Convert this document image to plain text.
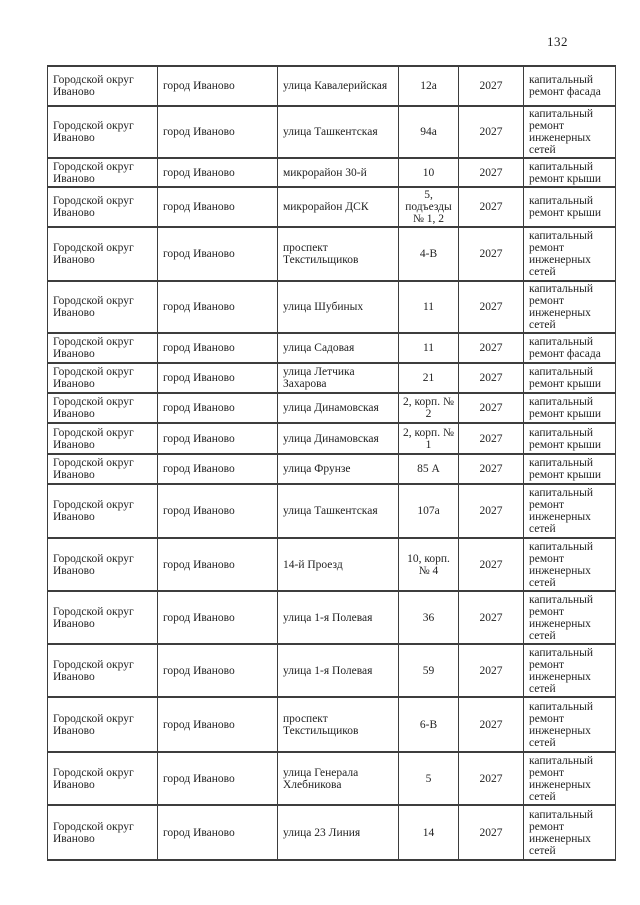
132
Городской округ Иваново	город Иваново	улица Кавалерийская	12а	2027	капитальный ремонт фасада
Городской округ Иваново	город Иваново	улица Ташкентская	94а	2027	капитальный ремонт инженерных сетей
Городской округ Иваново	город Иваново	микрорайон 30-й	10	2027	капитальный ремонт крыши
Городской округ Иваново	город Иваново	микрорайон ДСК	5, подъезды № 1, 2	2027	капитальный ремонт крыши
Городской округ Иваново	город Иваново	проспект Текстильщиков	4-В	2027	капитальный ремонт инженерных сетей
Городской округ Иваново	город Иваново	улица Шубиных	11	2027	капитальный ремонт инженерных сетей
Городской округ Иваново	город Иваново	улица Садовая	11	2027	капитальный ремонт фасада
Городской округ Иваново	город Иваново	улица Летчика Захарова	21	2027	капитальный ремонт крыши
Городской округ Иваново	город Иваново	улица Динамовская	2, корп. № 2	2027	капитальный ремонт крыши
Городской округ Иваново	город Иваново	улица Динамовская	2, корп. № 1	2027	капитальный ремонт крыши
Городской округ Иваново	город Иваново	улица Фрунзе	85 А	2027	капитальный ремонт крыши
Городской округ Иваново	город Иваново	улица Ташкентская	107а	2027	капитальный ремонт инженерных сетей
Городской округ Иваново	город Иваново	14-й Проезд	10, корп. № 4	2027	капитальный ремонт инженерных сетей
Городской округ Иваново	город Иваново	улица 1-я Полевая	36	2027	капитальный ремонт инженерных сетей
Городской округ Иваново	город Иваново	улица 1-я Полевая	59	2027	капитальный ремонт инженерных сетей
Городской округ Иваново	город Иваново	проспект Текстильщиков	6-В	2027	капитальный ремонт инженерных сетей
Городской округ Иваново	город Иваново	улица Генерала Хлебникова	5	2027	капитальный ремонт инженерных сетей
Городской округ Иваново	город Иваново	улица 23 Линия	14	2027	капитальный ремонт инженерных сетей
